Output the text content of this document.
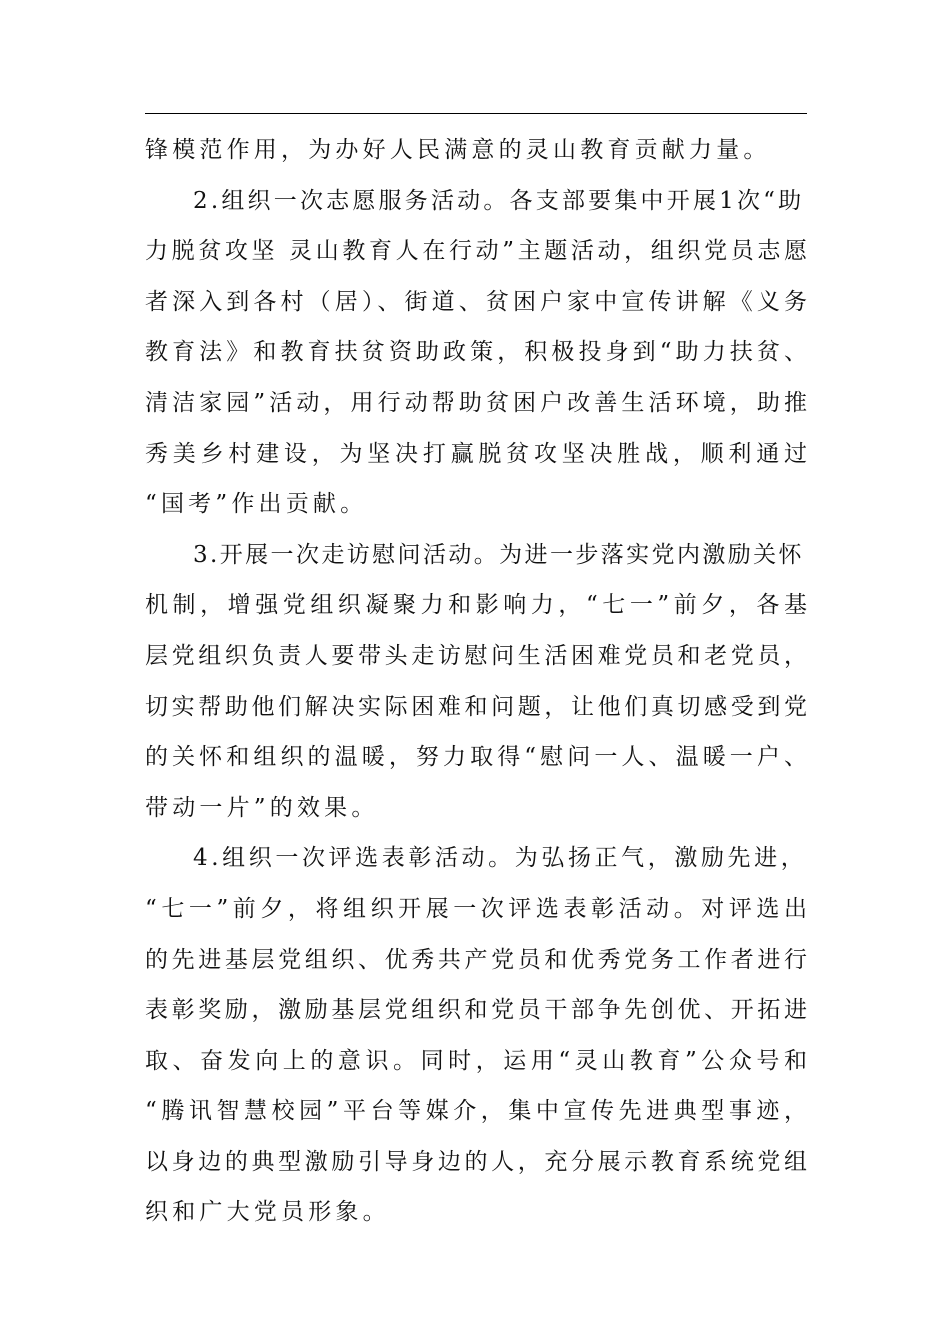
锋模范作用，为办好人民满意的灵山教育贡献力量。
2.组织一次志愿服务活动。各支部要集中开展1次“助
力脱贫攻坚 灵山教育人在行动”主题活动，组织党员志愿
者深入到各村（居）、街道、贫困户家中宣传讲解《义务
教育法》和教育扶贫资助政策，积极投身到“助力扶贫、
清洁家园”活动，用行动帮助贫困户改善生活环境，助推
秀美乡村建设，为坚决打赢脱贫攻坚决胜战，顺利通过
“国考”作出贡献。
3.开展一次走访慰问活动。为进一步落实党内激励关怀
机制，增强党组织凝聚力和影响力，“七一”前夕，各基
层党组织负责人要带头走访慰问生活困难党员和老党员，
切实帮助他们解决实际困难和问题，让他们真切感受到党
的关怀和组织的温暖，努力取得“慰问一人、温暖一户、
带动一片”的效果。
4.组织一次评选表彰活动。为弘扬正气，激励先进，
“七一”前夕，将组织开展一次评选表彰活动。对评选出
的先进基层党组织、优秀共产党员和优秀党务工作者进行
表彰奖励，激励基层党组织和党员干部争先创优、开拓进
取、奋发向上的意识。同时，运用“灵山教育”公众号和
“腾讯智慧校园”平台等媒介，集中宣传先进典型事迹，
以身边的典型激励引导身边的人，充分展示教育系统党组
织和广大党员形象。
